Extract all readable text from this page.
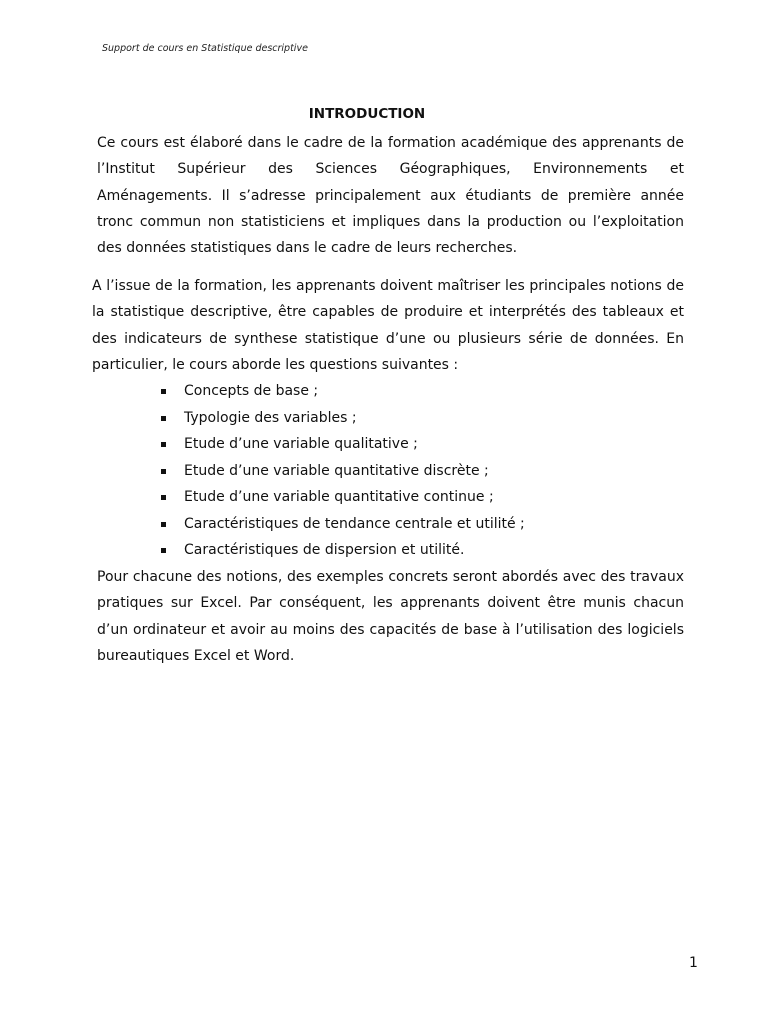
Support de cours en Statistique descriptive
INTRODUCTION

Ce cours est élaboré dans le cadre de la formation académique des apprenants de l’Institut Supérieur des Sciences Géographiques, Environnements et Aménagements. Il s’adresse principalement aux étudiants de première année tronc commun non statisticiens et impliques dans la production ou l’exploitation des données statistiques dans le cadre de leurs recherches.

A l’issue de la formation, les apprenants doivent maîtriser les principales notions de la statistique descriptive, être capables de produire et interprétés des tableaux et des indicateurs de synthese statistique d’une ou plusieurs série de données. En particulier, le cours aborde les questions suivantes :

Concepts de base ;
Typologie des variables ;
Etude d’une variable qualitative ;
Etude d’une variable quantitative discrète ;
Etude d’une variable quantitative continue ;
Caractéristiques de tendance centrale et utilité ;
Caractéristiques de dispersion et utilité.

Pour chacune des notions, des exemples concrets seront abordés avec des travaux pratiques sur Excel. Par conséquent, les apprenants doivent être munis chacun d’un ordinateur et avoir au moins des capacités de base à l’utilisation des logiciels bureautiques Excel et Word.

1
